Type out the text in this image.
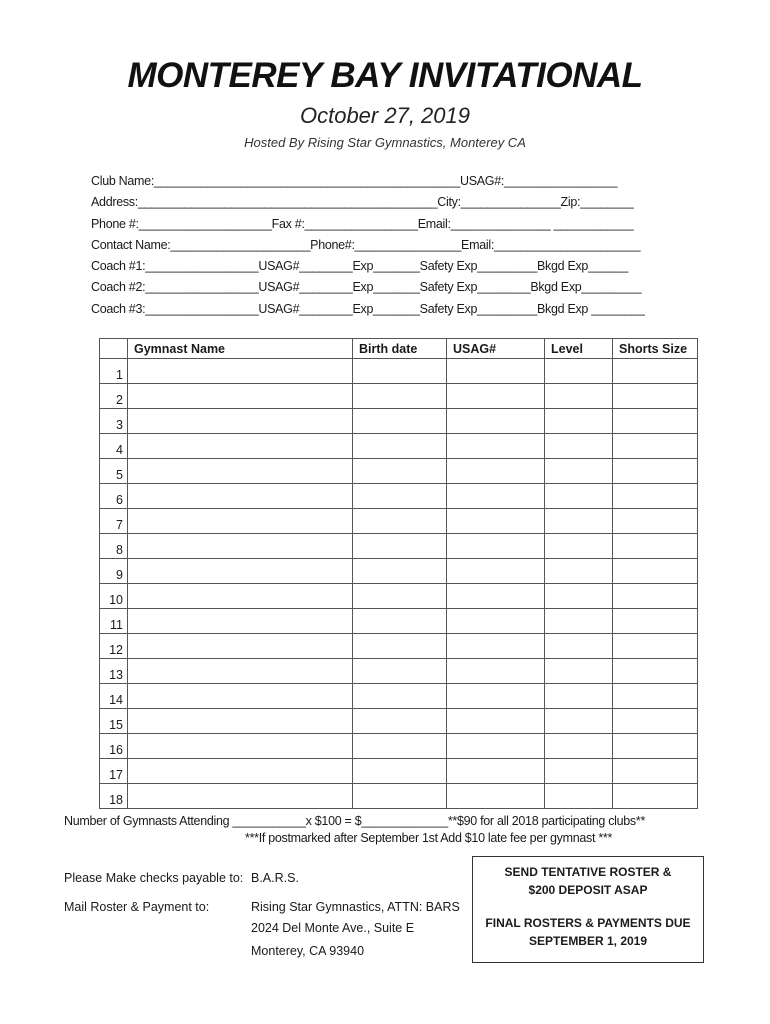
MONTEREY BAY INVITATIONAL
October 27, 2019
Hosted By Rising Star Gymnastics, Monterey CA
Club Name:______________________________________________USAG#:_________________
Address:_____________________________________________City:_______________Zip:________
Phone #:____________________Fax #:_________________Email:_______________ ____________
Contact Name:_____________________Phone#:________________Email:______________________
Coach #1:_________________USAG#________Exp_______Safety Exp_________Bkgd Exp______
Coach #2:_________________USAG#________Exp_______Safety Exp________Bkgd Exp_________
Coach #3:_________________USAG#________Exp_______Safety Exp_________Bkgd Exp ________
	Gymnast Name	Birth date	USAG#	Level	Shorts Size
1					
2					
3					
4					
5					
6					
7					
8					
9					
10					
11					
12					
13					
14					
15					
16					
17					
18					
Number of Gymnasts Attending ___________x $100 = $_____________**$90 for all 2018 participating clubs**
***If postmarked after September 1st Add $10 late fee per gymnast ***
Please Make checks payable to: B.A.R.S.
Mail Roster & Payment to:	Rising Star Gymnastics, ATTN: BARS
2024 Del Monte Ave., Suite E
Monterey, CA 93940
SEND TENTATIVE ROSTER &
$200 DEPOSIT ASAP
FINAL ROSTERS & PAYMENTS DUE
SEPTEMBER 1, 2019
